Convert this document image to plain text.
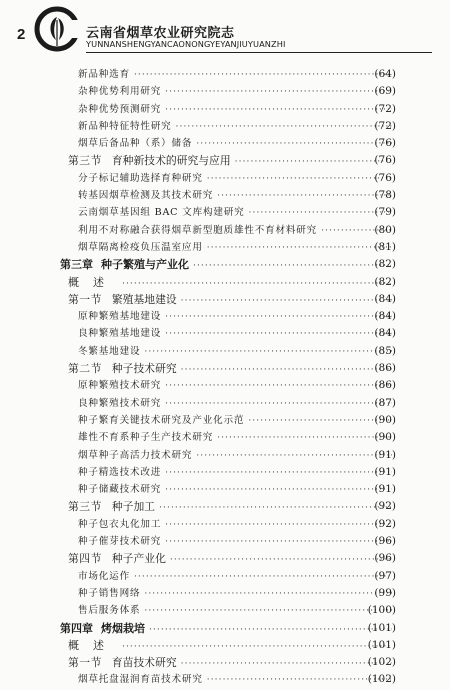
2	云南省烟草农业研究院志
YUNNANSHENGYANCAONONGYEYANJIUYUANZHI
新品种选育 ·····	( 64 )
杂种优势利用研究 ·····	( 69 )
杂种优势预测研究 ·····	( 72 )
新品种特征特性研究 ·····	( 72 )
烟草后备品种（系）储备 ·····	( 76 )
第三节 育种新技术的研究与应用 ·····	( 76 )
分子标记辅助选择育种研究 ·····	( 76 )
转基因烟草检测及其技术研究 ·····	( 78 )
云南烟草基因组 BAC 文库构建研究 ·····	( 79 )
利用不对称融合获得烟草新型胞质雄性不育材料研究 ·····	( 80 )
烟草隔离检疫负压温室应用 ·····	( 81 )
第三章 种子繁殖与产业化 ·····	( 82 )
概述 ·····	( 82 )
第一节 繁殖基地建设 ·····	( 84 )
原种繁殖基地建设 ·····	( 84 )
良种繁殖基地建设 ·····	( 84 )
冬繁基地建设 ·····	( 85 )
第二节 种子技术研究 ·····	( 86 )
原种繁殖技术研究 ·····	( 86 )
良种繁殖技术研究 ·····	( 87 )
种子繁育关键技术研究及产业化示范 ·····	( 90 )
雄性不育系种子生产技术研究 ·····	( 90 )
烟草种子高活力技术研究 ·····	( 91 )
种子精选技术改进 ·····	( 91 )
种子储藏技术研究 ·····	( 91 )
第三节 种子加工 ·····	( 92 )
种子包衣丸化加工 ·····	( 92 )
种子催芽技术研究 ·····	( 96 )
第四节 种子产业化 ·····	( 96 )
市场化运作 ·····	( 97 )
种子销售网络 ·····	( 99 )
售后服务体系 ·····	( 100 )
第四章 烤烟栽培 ·····	( 101 )
概述 ·····	( 101 )
第一节 育苗技术研究 ·····	( 102 )
烟草托盘湿润育苗技术研究 ·····	( 102 )
